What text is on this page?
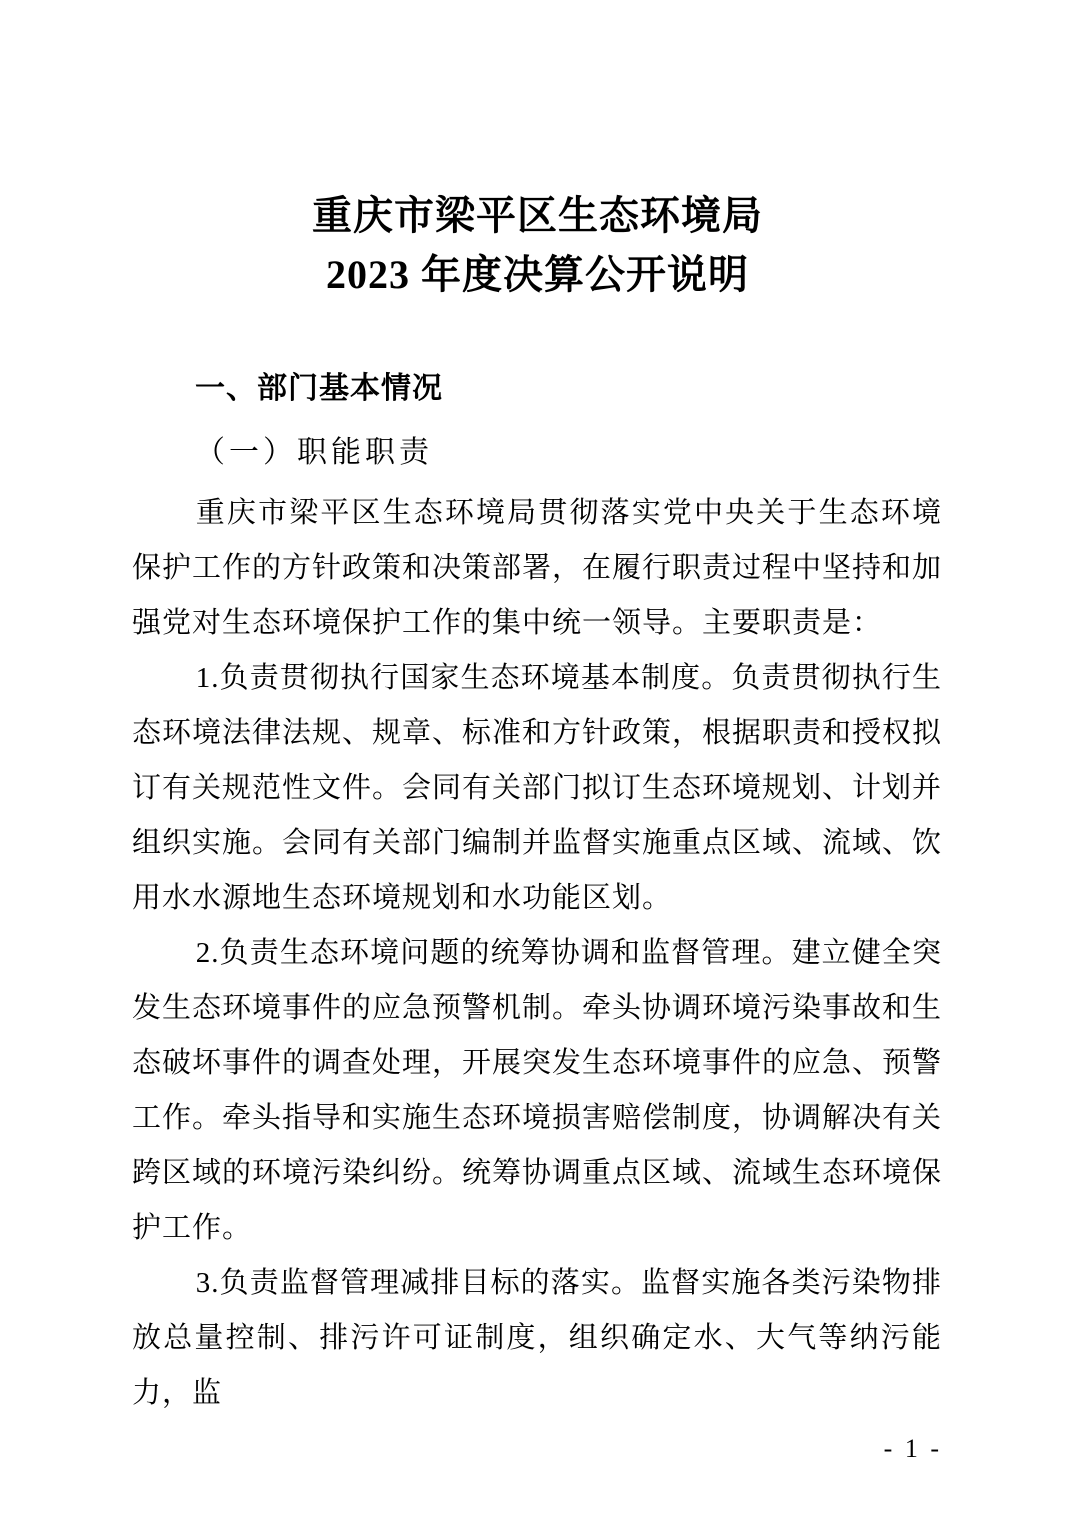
重庆市梁平区生态环境局
2023 年度决算公开说明
一、部门基本情况
（一）职能职责

重庆市梁平区生态环境局贯彻落实党中央关于生态环境保护工作的方针政策和决策部署，在履行职责过程中坚持和加强党对生态环境保护工作的集中统一领导。主要职责是：

1.负责贯彻执行国家生态环境基本制度。负责贯彻执行生态环境法律法规、规章、标准和方针政策，根据职责和授权拟订有关规范性文件。会同有关部门拟订生态环境规划、计划并组织实施。会同有关部门编制并监督实施重点区域、流域、饮用水水源地生态环境规划和水功能区划。

2.负责生态环境问题的统筹协调和监督管理。建立健全突发生态环境事件的应急预警机制。牵头协调环境污染事故和生态破坏事件的调查处理，开展突发生态环境事件的应急、预警工作。牵头指导和实施生态环境损害赔偿制度，协调解决有关跨区域的环境污染纠纷。统筹协调重点区域、流域生态环境保护工作。

3.负责监督管理减排目标的落实。监督实施各类污染物排放总量控制、排污许可证制度，组织确定水、大气等纳污能力，监

- 1 -
